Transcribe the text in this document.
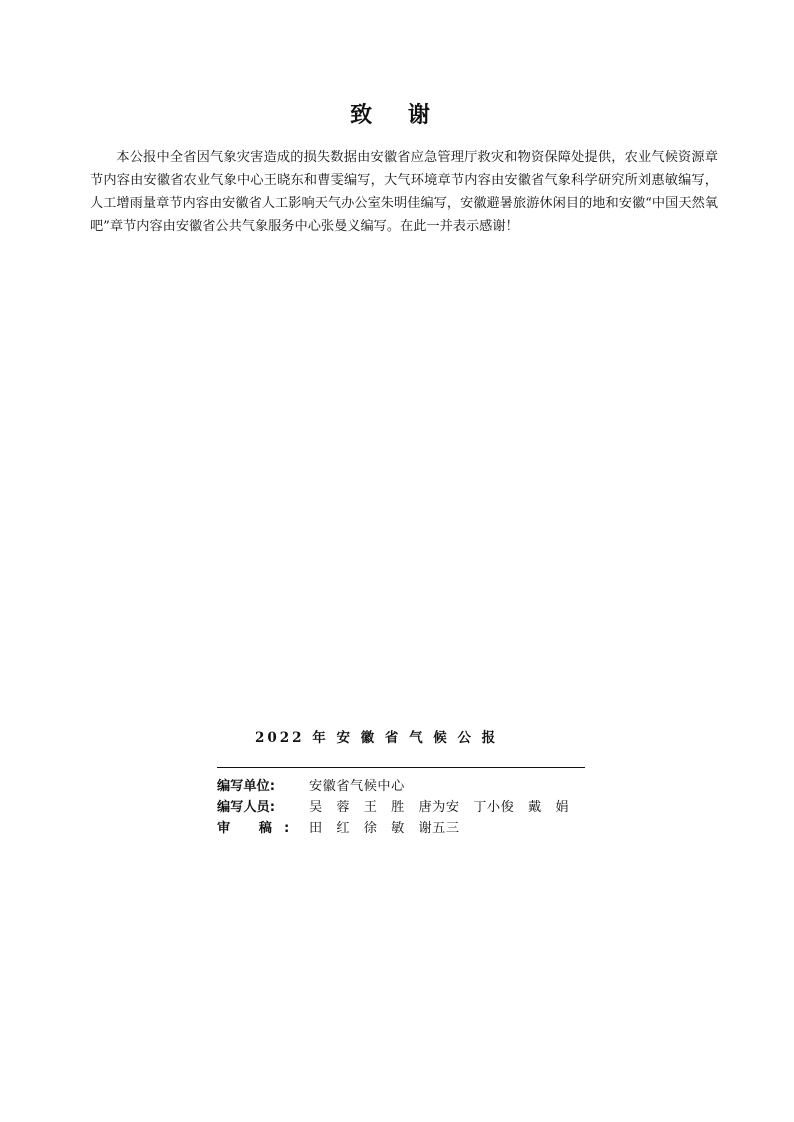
致 谢

本公报中全省因气象灾害造成的损失数据由安徽省应急管理厅救灾和物资保障处提供，农业气候资源章节内容由安徽省农业气象中心王晓东和曹雯编写，大气环境章节内容由安徽省气象科学研究所刘惠敏编写，人工增雨量章节内容由安徽省人工影响天气办公室朱明佳编写，安徽避暑旅游休闲目的地和安徽“中国天然氧吧”章节内容由安徽省公共气象服务中心张曼义编写。在此一并表示感谢！

2022 年 安 徽 省 气 候 公 报
编写单位:	安徽省气候中心
编写人员:	吴　蓉　王　胜　唐为安　丁小俊　戴　娟
审 稿: 田　红　徐　敏　谢五三
